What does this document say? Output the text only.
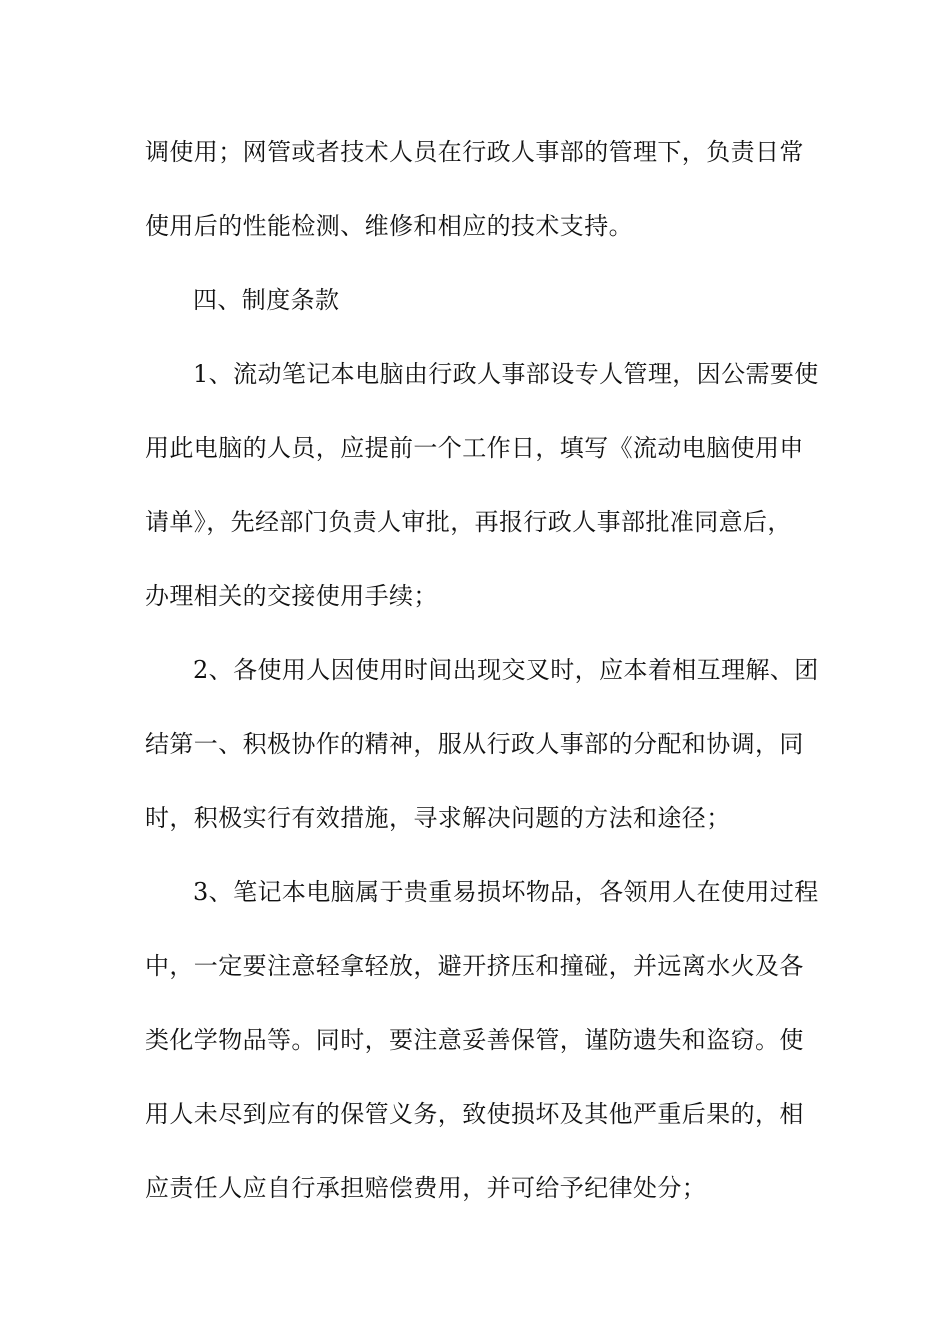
调使用；网管或者技术人员在行政人事部的管理下，负责日常
使用后的性能检测、维修和相应的技术支持。
四、制度条款
1、流动笔记本电脑由行政人事部设专人管理，因公需要使
用此电脑的人员，应提前一个工作日，填写《流动电脑使用申
请单》，先经部门负责人审批，再报行政人事部批准同意后，
办理相关的交接使用手续；
2、各使用人因使用时间出现交叉时，应本着相互理解、团
结第一、积极协作的精神，服从行政人事部的分配和协调，同
时，积极实行有效措施，寻求解决问题的方法和途径；
3、笔记本电脑属于贵重易损坏物品，各领用人在使用过程
中，一定要注意轻拿轻放，避开挤压和撞碰，并远离水火及各
类化学物品等。同时，要注意妥善保管，谨防遗失和盗窃。使
用人未尽到应有的保管义务，致使损坏及其他严重后果的，相
应责任人应自行承担赔偿费用，并可给予纪律处分；
